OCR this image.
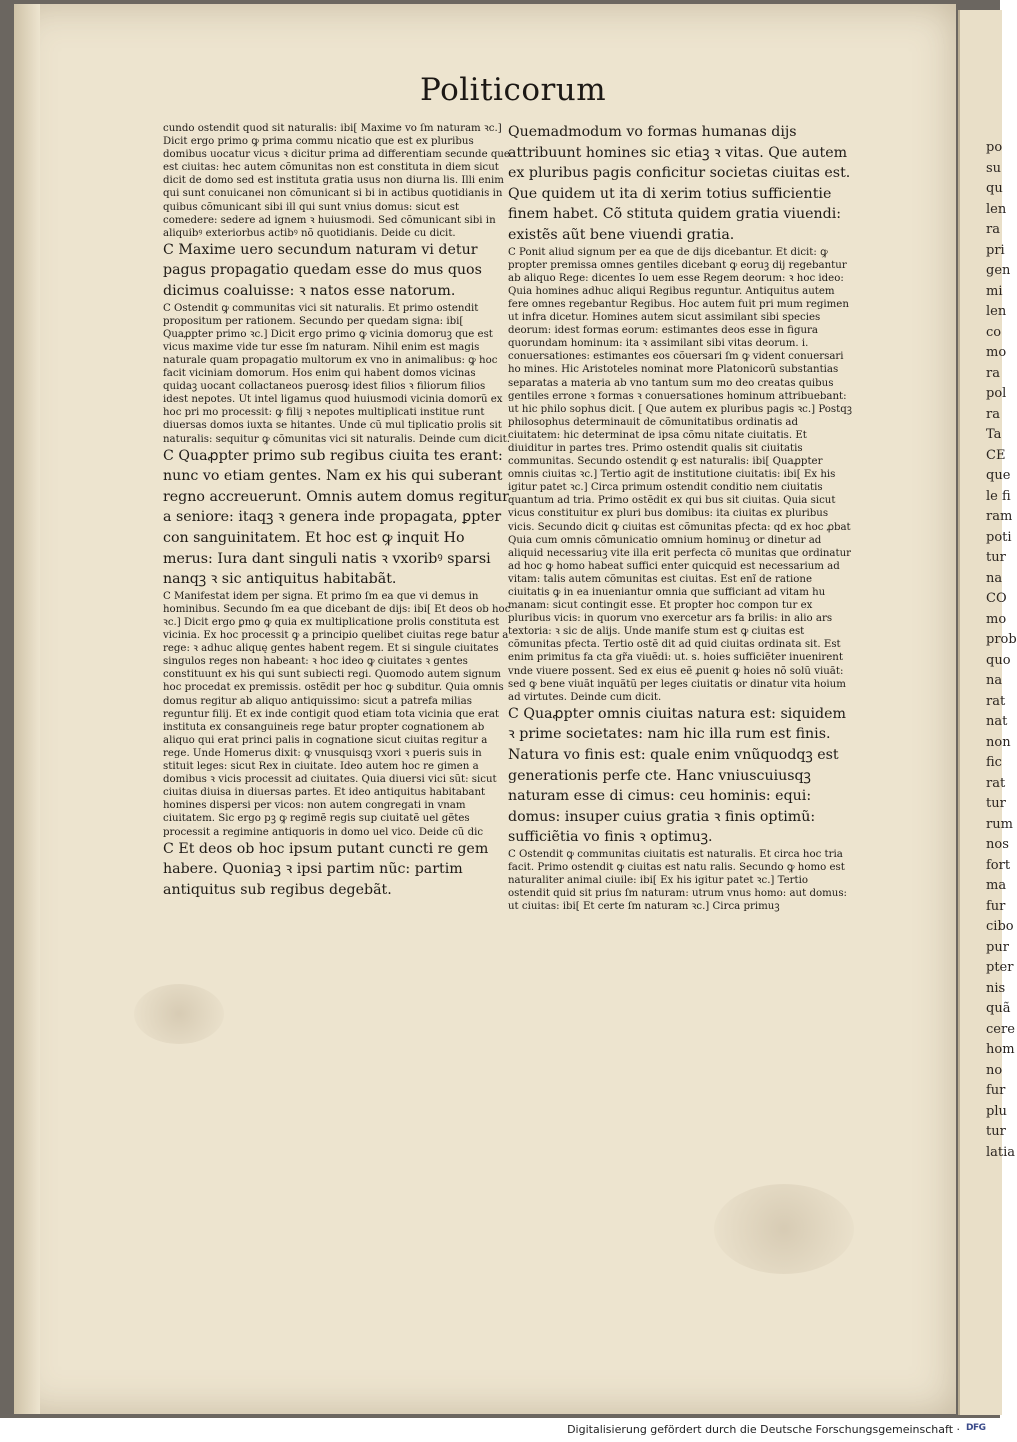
po
su
qu
len
ra
pri
gen
mi
len
co
mo
ra
pol
ra
Ta
CE
que
le fi
ram
poti
tur
na
CO
mo
prob
quo
na
rat
nat
non
fic
rat
tur
rum
nos
fort
ma
fur
cibo
pur
pter
nis
quã
cere
hom
no
fur
plu
tur
latia
Politicorum

cundo ostendit quod sit naturalis: ibi[ Maxime vo ſm naturam ꝛc.] Dicit ergo primo ꝙ prima commu nicatio que est ex pluribus domibus uocatur vicus ꝛ dicitur prima ad differentiam secunde que est ciuitas: hec autem cõmunitas non est constituta in diem sicut dicit de domo sed est instituta gratia usus non diurna lis. Illi enim qui sunt conuicanei non cõmunicant si bi in actibus quotidianis in quibus cõmunicant sibi ill qui sunt vnius domus: sicut est comedere: sedere ad ignem ꝛ huiusmodi. Sed cõmunicant sibi in aliquibꝰ exteriorbus actibꝰ nõ quotidianis. Deide cu dicit.

C Maxime uero secundum naturam vi detur pagus propagatio quedam esse do mus quos dicimus coaluisse: ꝛ natos esse natorum.

C Ostendit ꝙ communitas vici sit naturalis. Et primo ostendit propositum per rationem. Secundo per quedam signa: ibi[ Quaꝓpter primo ꝛc.] Dicit ergo primo ꝙ vicinia domoruꝫ que est vicus maxime vide tur esse ſm naturam. Nihil enim est magis naturale quam propagatio multorum ex vno in animalibus: ꝙ hoc facit viciniam domorum. Hos enim qui habent domos vicinas quidaꝫ uocant collactaneos puerosꝙ idest filios ꝛ filiorum filios idest nepotes. Ut intel ligamus quod huiusmodi vicinia domorũ ex hoc pri mo processit: ꝙ filij ꝛ nepotes multiplicati institue runt diuersas domos iuxta se hitantes. Unde cũ mul tiplicatio prolis sit naturalis: sequitur ꝙ cõmunitas vici sit naturalis. Deinde cum dicit.

C Quaꝓpter primo sub regibus ciuita tes erant: nunc vo etiam gentes. Nam ex his qui suberant regno accreuerunt. Omnis autem domus regitur a seniore: itaqꝫ ꝛ genera inde propagata, ꝑpter con sanguinitatem. Et hoc est ꝙ inquit Ho merus: Iura dant singuli natis ꝛ vxoribꝰ sparsi nanqꝫ ꝛ sic antiquitus habitabãt.

C Manifestat idem per signa. Et primo ſm ea que vi demus in hominibus. Secundo ſm ea que dicebant de dijs: ibi[ Et deos ob hoc ꝛc.] Dicit ergo ꝑmo ꝙ quia ex multiplicatione prolis constituta est vicinia. Ex hoc processit ꝙ a principio quelibet ciuitas rege batur a rege: ꝛ adhuc aliquę gentes habent regem. Et si singule ciuitates singulos reges non habeant: ꝛ hoc ideo ꝙ ciuitates ꝛ gentes constituunt ex his qui sunt subiecti regi. Quomodo autem signum hoc procedat ex premissis. ostẽdit per hoc ꝙ subditur. Quia omnis domus regitur ab aliquo antiquissimo: sicut a patrefa milias reguntur filij. Et ex inde contigit quod etiam tota vicinia que erat instituta ex consanguineis rege batur propter cognationem ab aliquo qui erat princi palis in cognatione sicut ciuitas regitur a rege. Unde Homerus dixit: ꝙ vnusquisqꝫ vxori ꝛ pueris suis in stituit leges: sicut Rex in ciuitate. Ideo autem hoc re gimen a domibus ꝛ vicis processit ad ciuitates. Quia diuersi vici sũt: sicut ciuitas diuisa in diuersas partes. Et ideo antiquitus habitabant homines dispersi per vicos: non autem congregati in vnam ciuitatem. Sic ergo pꝫ ꝙ regimẽ regis sup ciuitatẽ uel gẽtes processit a regimine antiquoris in domo uel vico. Deide cũ dic

C Et deos ob hoc ipsum putant cuncti re gem habere. Quoniaꝫ ꝛ ipsi partim nũc: partim antiquitus sub regibus degebãt.

Quemadmodum vo formas humanas dijs attribuunt homines sic etiaꝫ ꝛ vitas. Que autem ex pluribus pagis conficitur societas ciuitas est. Que quidem ut ita di xerim totius sufficientie finem habet. Cõ stituta quidem gratia viuendi: existẽs aũt bene viuendi gratia.

C Ponit aliud signum per ea que de dijs dicebantur. Et dicit: ꝙ propter premissa omnes gentiles dicebant ꝙ eoruꝫ dij regebantur ab aliquo Rege: dicentes Io uem esse Regem deorum: ꝛ hoc ideo: Quia homines adhuc aliqui Regibus reguntur. Antiquitus autem fere omnes regebantur Regibus. Hoc autem fuit pri mum regimen ut infra dicetur. Homines autem sicut assimilant sibi species deorum: idest formas eorum: estimantes deos esse in figura quorundam hominum: ita ꝛ assimilant sibi vitas deorum. i. conuersationes: estimantes eos cõuersari ſm ꝙ vident conuersari ho mines. Hic Aristoteles nominat more Platonicorũ substantias separatas a materia ab vno tantum sum mo deo creatas quibus gentiles errone ꝛ formas ꝛ conuersationes hominum attribuebant: ut hic philo sophus dicit. [ Que autem ex pluribus pagis ꝛc.] Postqꝫ philosophus determinauit de cõmunitatibus ordinatis ad ciuitatem: hic determinat de ipsa cõmu nitate ciuitatis. Et diuiditur in partes tres. Primo ostendit qualis sit ciuitatis communitas. Secundo ostendit ꝙ est naturalis: ibi[ Quaꝓpter omnis ciuitas ꝛc.] Tertio agit de institutione ciuitatis: ibi[ Ex his igitur patet ꝛc.] Circa primum ostendit conditio nem ciuitatis quantum ad tria. Primo ostẽdit ex qui bus sit ciuitas. Quia sicut vicus constituitur ex pluri bus domibus: ita ciuitas ex pluribus vicis. Secundo dicit ꝙ ciuitas est cõmunitas pfecta: qd ex hoc ꝓbat Quia cum omnis cõmunicatio omnium hominuꝫ or dinetur ad aliquid necessariuꝫ vite illa erit perfecta cõ munitas que ordinatur ad hoc ꝙ homo habeat suffici enter quicquid est necessarium ad vitam: talis autem cõmunitas est ciuitas. Est enĩ de ratione ciuitatis ꝙ in ea inueniantur omnia que sufficiant ad vitam hu manam: sicut contingit esse. Et propter hoc compon tur ex pluribus vicis: in quorum vno exercetur ars fa brilis: in alio ars textoria: ꝛ sic de alijs. Unde manife stum est ꝙ ciuitas est cõmunitas pfecta. Tertio ostẽ dit ad quid ciuitas ordinata sit. Est enim primitus fa cta gr̃a viuẽdi: ut. s. hoies sufficiẽter inuenirent vnde viuere possent. Sed ex eius eẽ ꝓuenit ꝙ hoies nõ solũ viuãt: sed ꝙ bene viuãt inquãtũ per leges ciuitatis or dinatur vita hoium ad virtutes. Deinde cum dicit.

C Quaꝓpter omnis ciuitas natura est: siquidem ꝛ prime societates: nam hic illa rum est finis. Natura vo finis est: quale enim vnũquodqꝫ est generationis perfe cte. Hanc vniuscuiusqꝫ naturam esse di cimus: ceu hominis: equi: domus: insuper cuius gratia ꝛ finis optimũ: sufficiẽtia vo finis ꝛ optimuꝫ.

C Ostendit ꝙ communitas ciuitatis est naturalis. Et circa hoc tria facit. Primo ostendit ꝙ ciuitas est natu ralis. Secundo ꝙ homo est naturaliter animal ciuile: ibi[ Ex his igitur patet ꝛc.] Tertio ostendit quid sit prius ſm naturam: utrum vnus homo: aut domus: ut ciuitas: ibi[ Et certe ſm naturam ꝛc.] Circa primuꝫ

Digitalisierung gefördert durch die Deutsche Forschungsgemeinschaft · DFG
